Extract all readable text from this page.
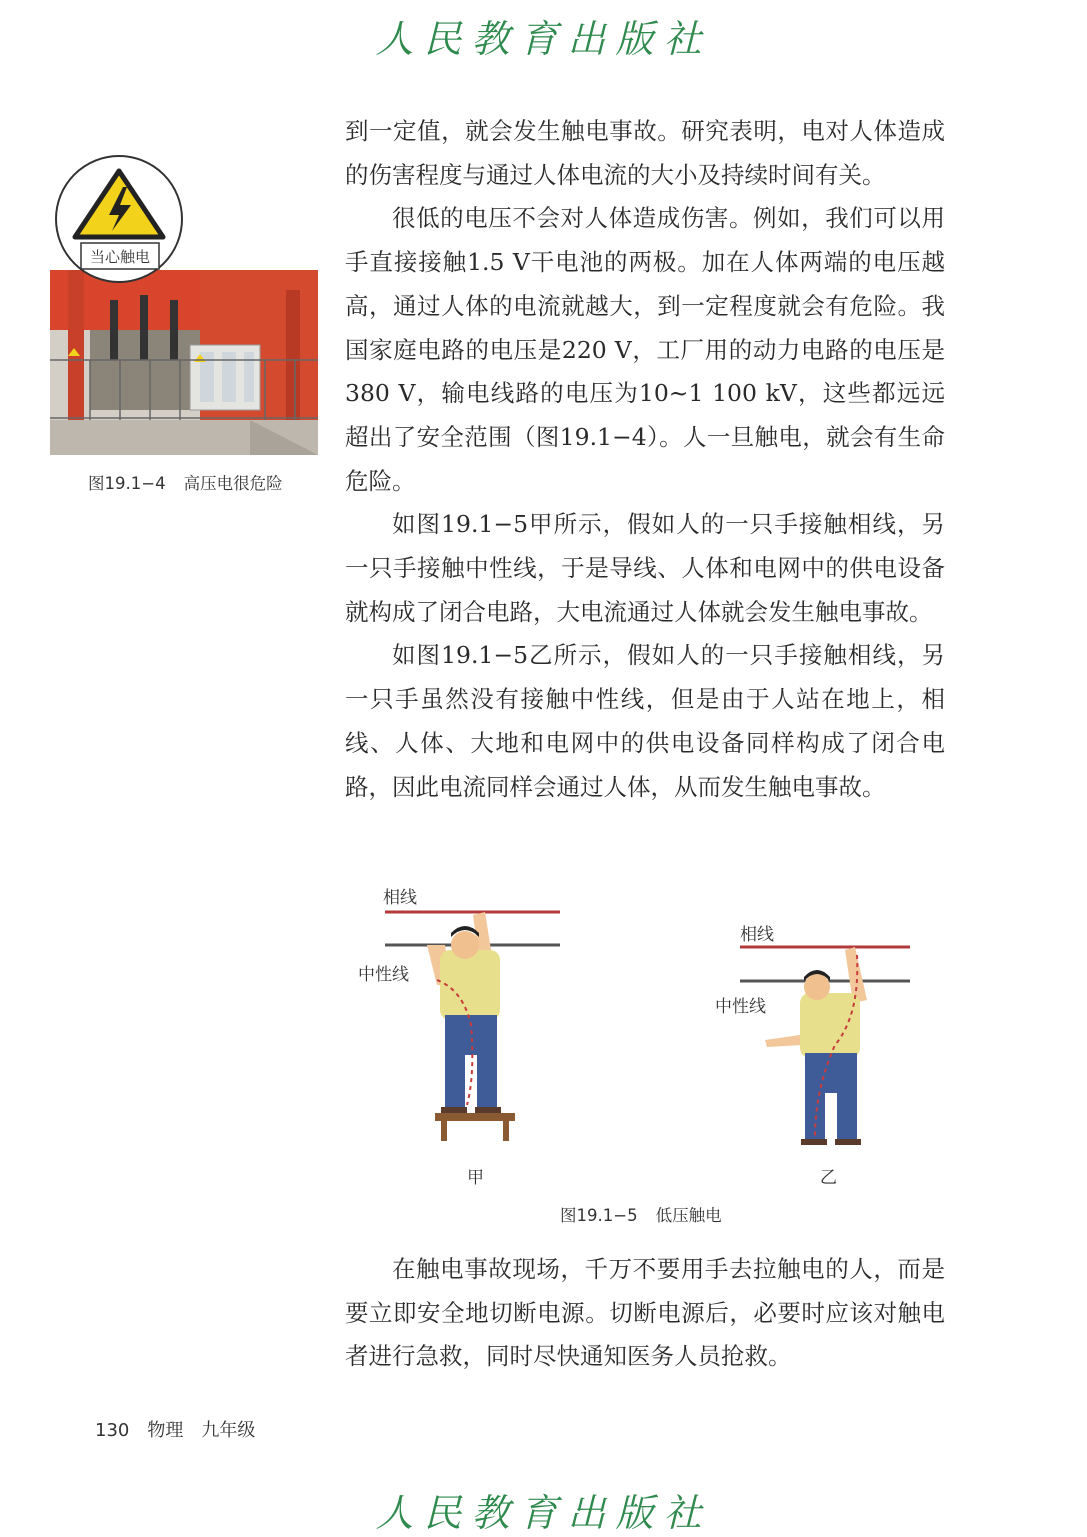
人民教育出版社
当心触电
图19.1−4 高压电很危险

到一定值，就会发生触电事故。研究表明，电对人体造成的伤害程度与通过人体电流的大小及持续时间有关。

很低的电压不会对人体造成伤害。例如，我们可以用手直接接触1.5 V干电池的两极。加在人体两端的电压越高，通过人体的电流就越大，到一定程度就会有危险。我国家庭电路的电压是220 V，工厂用的动力电路的电压是380 V，输电线路的电压为10~1 100 kV，这些都远远超出了安全范围（图19.1−4）。人一旦触电，就会有生命危险。

如图19.1−5甲所示，假如人的一只手接触相线，另一只手接触中性线，于是导线、人体和电网中的供电设备就构成了闭合电路，大电流通过人体就会发生触电事故。

如图19.1−5乙所示，假如人的一只手接触相线，另一只手虽然没有接触中性线，但是由于人站在地上，相线、人体、大地和电网中的供电设备同样构成了闭合电路，因此电流同样会通过人体，从而发生触电事故。

相线
中性线
相线
中性线
甲	乙
图19.1−5 低压触电

在触电事故现场，千万不要用手去拉触电的人，而是要立即安全地切断电源。切断电源后，必要时应该对触电者进行急救，同时尽快通知医务人员抢救。

130 物理 九年级
人民教育出版社
